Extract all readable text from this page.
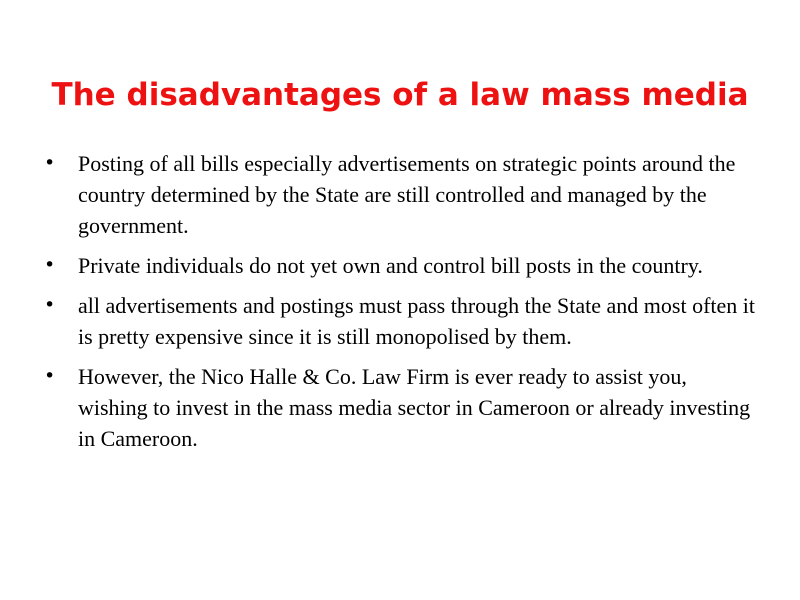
The disadvantages of a law mass media
•	Posting of all bills especially advertisements on strategic points around the country determined by the State are still controlled and managed by the government.
•	Private individuals do not yet own and control bill posts in the country.
•	all advertisements and postings must pass through the State and most often it is pretty expensive since it is still monopolised by them.
•	However, the Nico Halle & Co. Law Firm is ever ready to assist you, wishing to invest in the mass media sector in Cameroon or already investing in Cameroon.
